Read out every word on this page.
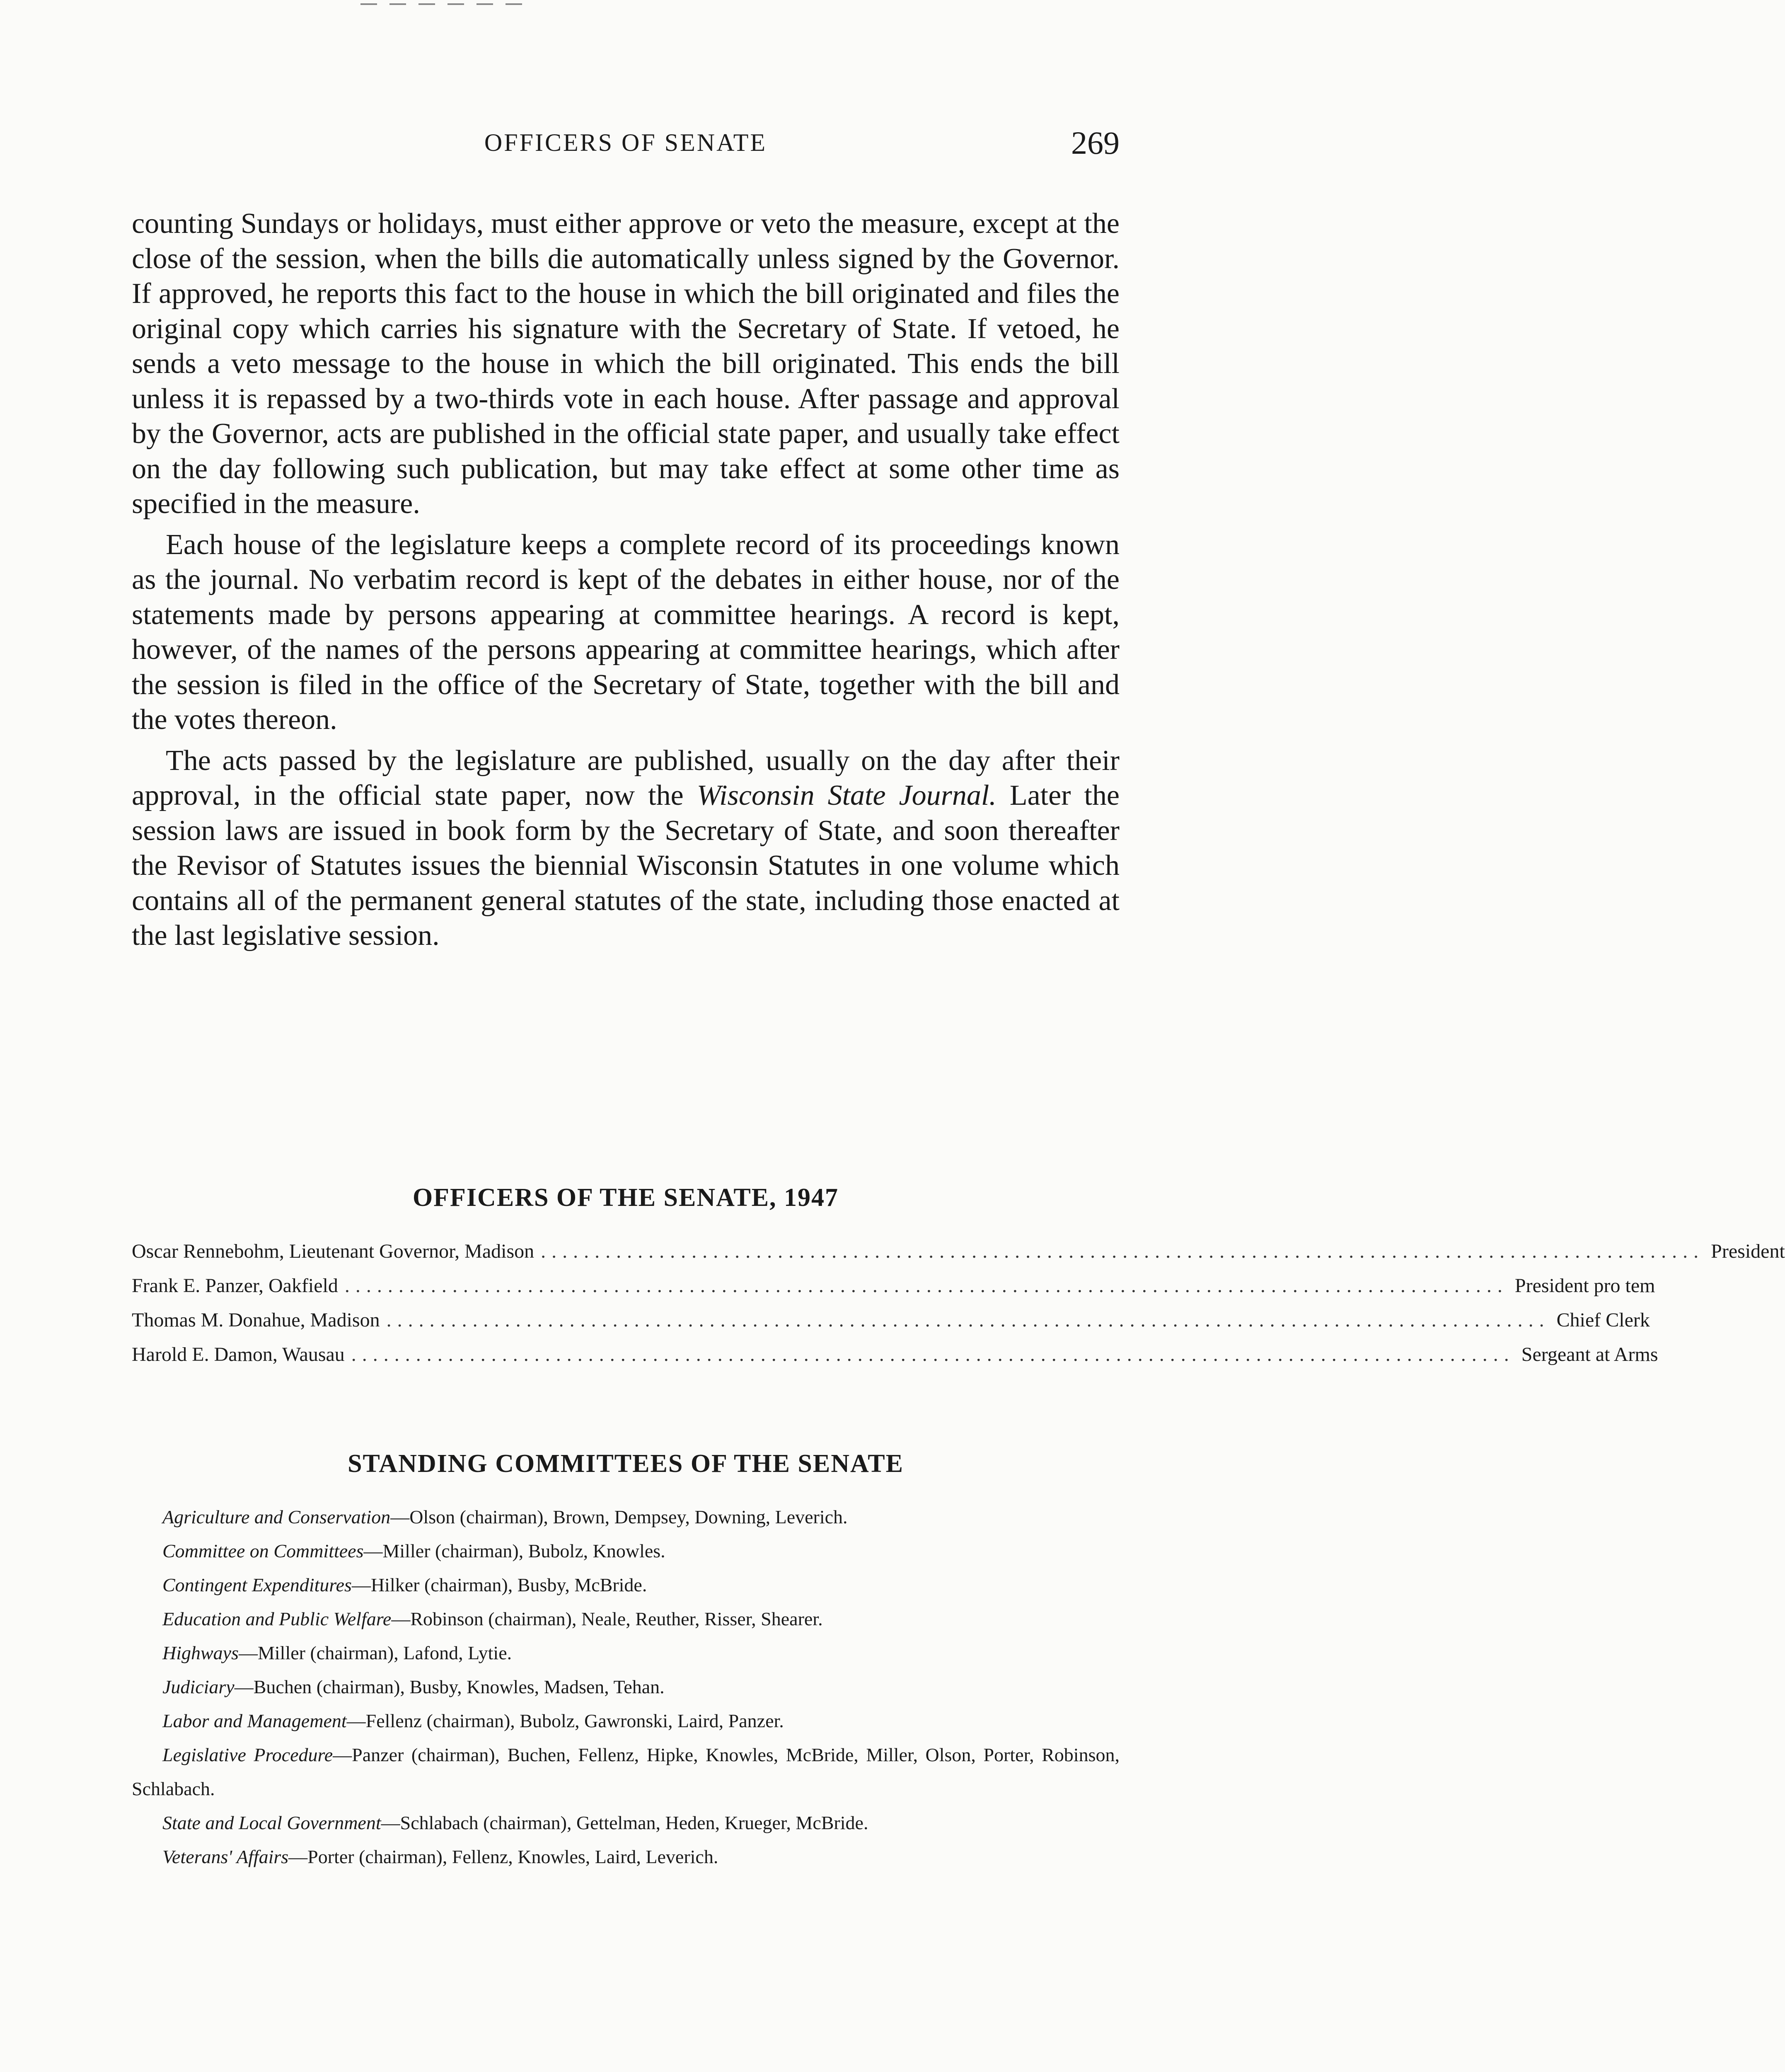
OFFICERS OF SENATE	269

counting Sundays or holidays, must either approve or veto the measure, except at the close of the session, when the bills die automatically unless signed by the Governor. If approved, he reports this fact to the house in which the bill originated and files the original copy which carries his signature with the Secretary of State. If vetoed, he sends a veto message to the house in which the bill originated. This ends the bill unless it is repassed by a two-thirds vote in each house. After passage and approval by the Governor, acts are published in the official state paper, and usually take effect on the day following such publication, but may take effect at some other time as specified in the measure.

Each house of the legislature keeps a complete record of its proceedings known as the journal. No verbatim record is kept of the debates in either house, nor of the statements made by persons appearing at committee hearings. A record is kept, however, of the names of the persons appearing at committee hearings, which after the session is filed in the office of the Secretary of State, together with the bill and the votes thereon.

The acts passed by the legislature are published, usually on the day after their approval, in the official state paper, now the Wisconsin State Journal. Later the session laws are issued in book form by the Secretary of State, and soon thereafter the Revisor of Statutes issues the biennial Wisconsin Statutes in one volume which contains all of the permanent general statutes of the state, including those enacted at the last legislative session.

OFFICERS OF THE SENATE, 1947
Oscar Rennebohm, Lieutenant Governor, Madison ............................................................................................................ President
Frank E. Panzer, Oakfield ............................................................................................................ President pro tem
Thomas M. Donahue, Madison ............................................................................................................ Chief Clerk
Harold E. Damon, Wausau ............................................................................................................ Sergeant at Arms
STANDING COMMITTEES OF THE SENATE
Agriculture and Conservation—Olson (chairman), Brown, Dempsey, Downing, Leverich.
Committee on Committees—Miller (chairman), Bubolz, Knowles.
Contingent Expenditures—Hilker (chairman), Busby, McBride.
Education and Public Welfare—Robinson (chairman), Neale, Reuther, Risser, Shearer.
Highways—Miller (chairman), Lafond, Lytie.
Judiciary—Buchen (chairman), Busby, Knowles, Madsen, Tehan.
Labor and Management—Fellenz (chairman), Bubolz, Gawronski, Laird, Panzer.
Legislative Procedure—Panzer (chairman), Buchen, Fellenz, Hipke, Knowles, McBride, Miller, Olson, Porter, Robinson, Schlabach.
State and Local Government—Schlabach (chairman), Gettelman, Heden, Krueger, McBride.
Veterans' Affairs—Porter (chairman), Fellenz, Knowles, Laird, Leverich.
